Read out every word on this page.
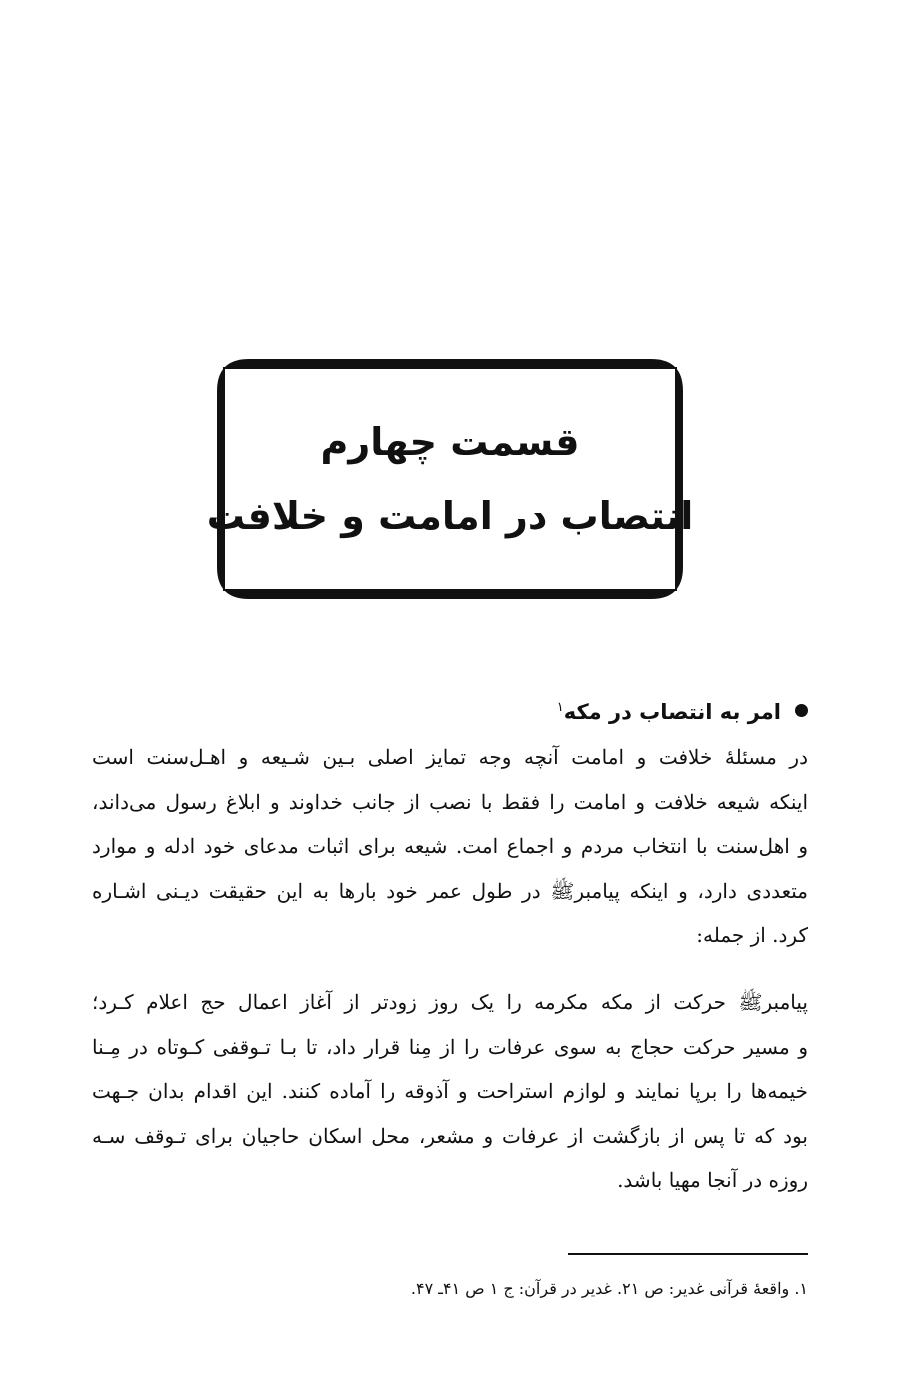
قسمت چهارم
انتصاب در امامت و خلافت
امر به انتصاب در مکه$^۱$
در مسئلهٔ خلافت و امامت آنچه وجه تمایز اصلی بـین شـیعه و اهـل‌سنت است
اینکه شیعه خلافت و امامت را فقط با نصب از جانب خداوند و ابلاغ رسول می‌داند،
و اهل‌سنت با انتخاب مردم و اجماع امت. شیعه برای اثبات مدعای خود ادله و موارد
متعددی دارد، و اینکه پیامبرﷺ در طول عمر خود بارها به این حقیقت دیـنی اشـاره
کرد. از جمله:
پیامبرﷺ حرکت از مکه مکرمه را یک روز زودتر از آغاز اعمال حج اعلام کـرد؛
و مسیر حرکت حجاج به سوی عرفات را از مِنا قرار داد، تا بـا تـوقفی کـوتاه در مِـنا
خیمه‌ها را برپا نمایند و لوازم استراحت و آذوقه را آماده کنند. این اقدام بدان جـهت
بود که تا پس از بازگشت از عرفات و مشعر، محل اسکان حاجیان برای تـوقف سـه
روزه در آنجا مهیا باشد.
۱. واقعهٔ قرآنی غدیر: ص ۲۱. غدیر در قرآن: ج ۱ ص ۴۱ـ ۴۷.
